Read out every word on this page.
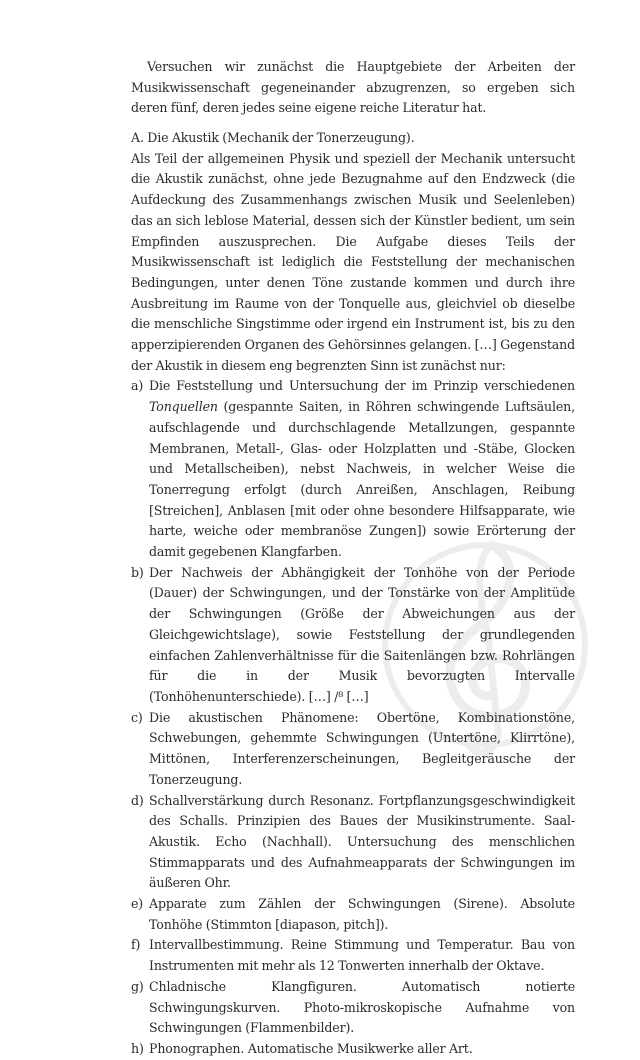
Versuchen wir zunächst die Hauptgebiete der Arbeiten der Musikwissenschaft gegeneinander abzugrenzen, so ergeben sich deren fünf, deren jedes seine eigene reiche Literatur hat.

A. Die Akustik (Mechanik der Tonerzeugung).

Als Teil der allgemeinen Physik und speziell der Mechanik untersucht die Akustik zunächst, ohne jede Bezugnahme auf den Endzweck (die Aufdeckung des Zusammenhangs zwischen Musik und Seelenleben) das an sich leblose Material, dessen sich der Künstler bedient, um sein Empfinden auszusprechen. Die Aufgabe dieses Teils der Musikwissenschaft ist lediglich die Feststellung der mechanischen Bedingungen, unter denen Töne zustande kommen und durch ihre Ausbreitung im Raume von der Tonquelle aus, gleichviel ob dieselbe die menschliche Singstimme oder irgend ein Instrument ist, bis zu den apperzipierenden Organen des Gehörsinnes gelangen. […] Gegenstand der Akustik in diesem eng begrenzten Sinn ist zunächst nur:

a) Die Feststellung und Untersuchung der im Prinzip verschiedenen Tonquellen (gespannte Saiten, in Röhren schwingende Luftsäulen, aufschlagende und durchschlagende Metallzungen, gespannte Membranen, Metall-, Glas- oder Holzplatten und -Stäbe, Glocken und Metallscheiben), nebst Nachweis, in welcher Weise die Tonerregung erfolgt (durch Anreißen, Anschlagen, Reibung [Streichen], Anblasen [mit oder ohne besondere Hilfsapparate, wie harte, weiche oder membranöse Zungen]) sowie Erörterung der damit gegebenen Klangfarben.
b) Der Nachweis der Abhängigkeit der Tonhöhe von der Periode (Dauer) der Schwingungen, und der Tonstärke von der Amplitüde der Schwingungen (Größe der Abweichungen aus der Gleichgewichtslage), sowie Feststellung der grundlegenden einfachen Zahlenverhältnisse für die Saitenlängen bzw. Rohrlängen für die in der Musik bevorzugten Intervalle (Tonhöhenunterschiede). […] /⁸ […]
c) Die akustischen Phänomene: Obertöne, Kombinationstöne, Schwebungen, gehemmte Schwingungen (Untertöne, Klirrtöne), Mittönen, Interferenzerscheinungen, Begleitgeräusche der Tonerzeugung.
d) Schallverstärkung durch Resonanz. Fortpflanzungsgeschwindigkeit des Schalls. Prinzipien des Baues der Musikinstrumente. Saal-Akustik. Echo (Nachhall). Untersuchung des menschlichen Stimmapparats und des Aufnahmeapparats der Schwingungen im äußeren Ohr.
e) Apparate zum Zählen der Schwingungen (Sirene). Absolute Tonhöhe (Stimmton [diapason, pitch]).
f) Intervallbestimmung. Reine Stimmung und Temperatur. Bau von Instrumenten mit mehr als 12 Tonwerten innerhalb der Oktave.
g) Chladnische Klangfiguren. Automatisch notierte Schwingungskurven. Photo-mikroskopische Aufnahme von Schwingungen (Flammenbilder).
h) Phonographen. Automatische Musikwerke aller Art.
